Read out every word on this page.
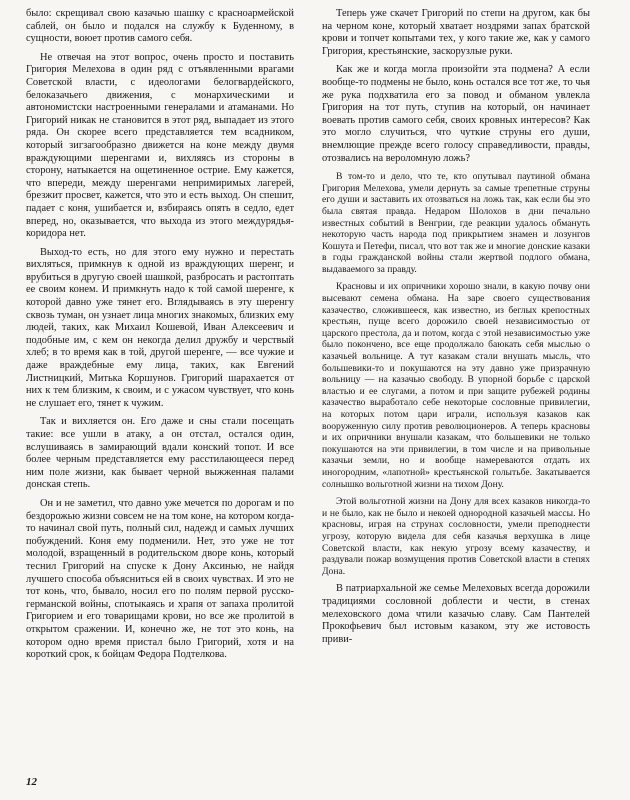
было: скрещивал свою казачью шашку с красноармейской саблей, он было и подался на службу к Буденному, в сущности, воюет против самого себя.

Не отвечая на этот вопрос, очень просто и поставить Григория Мелехова в один ряд с отъявленными врагами Советской власти, с идеологами белогвардейского, белоказачьего движения, с монархическими и автономистски настроенными генералами и атаманами. Но Григорий никак не становится в этот ряд, выпадает из этого ряда. Он скорее всего представляется тем всадником, который зигзагообразно движется на коне между двумя враждующими шеренгами и, вихляясь из стороны в сторону, натыкается на ощетиненное острие. Ему кажется, что впереди, между шеренгами непримиримых лагерей, брезжит просвет, кажется, что это и есть выход. Он спешит, падает с коня, ушибается и, взбираясь опять в седло, едет вперед, но, оказывается, что выхода из этого междурядья-коридора нет.

Выход-то есть, но для этого ему нужно и перестать вихляться, примкнув к одной из враждующих шеренг, и врубиться в другую своей шашкой, разбросать и растоптать ее своим конем. И примкнуть надо к той самой шеренге, к которой давно уже тянет его. Вглядываясь в эту шеренгу сквозь туман, он узнает лица многих знакомых, близких ему людей, таких, как Михаил Кошевой, Иван Алексеевич и подобные им, с кем он некогда делил дружбу и черствый хлеб; в то время как в той, другой шеренге, — все чужие и даже враждебные ему лица, таких, как Евгений Листницкий, Митька Коршунов. Григорий шарахается от них к тем близким, к своим, и с ужасом чувствует, что конь не слушает его, тянет к чужим.

Так и вихляется он. Его даже и сны стали посещать такие: все ушли в атаку, а он отстал, остался один, вслушиваясь в замирающий вдали конский топот. И все более черным представляется ему расстилающееся перед ним поле жизни, как бывает черной выжженная палами донская степь.

Он и не заметил, что давно уже мечется по дорогам и по бездорожью жизни совсем не на том коне, на котором когда-то начинал свой путь, полный сил, надежд и самых лучших побуждений. Коня ему подменили. Нет, это уже не тот молодой, взращенный в родительском дворе конь, который теснил Григорий на спуске к Дону Аксинью, не найдя лучшего способа объясниться ей в своих чувствах. И это не тот конь, что, бывало, носил его по полям первой русско-германской войны, спотыкаясь и храпя от запаха пролитой Григорием и его товарищами крови, но все же пролитой в открытом сражении. И, конечно же, не тот это конь, на котором одно время пристал было Григорий, хотя и на короткий срок, к бойцам Федора Подтелкова.

Теперь уже скачет Григорий по степи на другом, как бы на черном коне, который хватает ноздрями запах братской крови и топчет копытами тех, у кого такие же, как у самого Григория, крестьянские, заскорузлые руки.

Как же и когда могла произойти эта подмена? А если вообще-то подмены не было, конь остался все тот же, то чья же рука подхватила его за повод и обманом увлекла Григория на тот путь, ступив на который, он начинает воевать против самого себя, своих кровных интересов? Как это могло случиться, что чуткие струны его души, внемлющие прежде всего голосу справедливости, правды, отозвались на вероломную ложь?

В том-то и дело, что те, кто опутывал паутиной обмана Григория Мелехова, умели дернуть за самые трепетные струны его души и заставить их отозваться на ложь так, как если бы это была святая правда. Недаром Шолохов в дни печально известных событий в Венгрии, где реакции удалось обмануть некоторую часть народа под прикрытием знамен и лозунгов Кошута и Петефи, писал, что вот так же и многие донские казаки в годы гражданской войны стали жертвой подлого обмана, выдаваемого за правду.

Красновы и их опричники хорошо знали, в какую почву они высевают семена обмана. На заре своего существования казачество, сложившееся, как известно, из беглых крепостных крестьян, пуще всего дорожило своей независимостью от царского престола, да и потом, когда с этой независимостью уже было покончено, все еще продолжало баюкать себя мыслью о казачьей вольнице. А тут казакам стали внушать мысль, что большевики-то и покушаются на эту давно уже призрачную вольницу — на казачью свободу. В упорной борьбе с царской властью и ее слугами, а потом и при защите рубежей родины казачество выработало себе некоторые сословные привилегии, на которых потом цари играли, используя казаков как вооруженную силу против революционеров. А теперь красновы и их опричники внушали казакам, что большевики не только покушаются на эти привилегии, в том числе и на привольные казачьи земли, но и вообще намереваются отдать их иногородним, «лапотной» крестьянской голытьбе. Закатывается солнышко вольготной жизни на тихом Дону.

Этой вольготной жизни на Дону для всех казаков никогда-то и не было, как не было и некоей однородной казачьей массы. Но красновы, играя на струнах сословности, умели преподнести угрозу, которую видела для себя казачья верхушка в лице Советской власти, как некую угрозу всему казачеству, и раздували пожар возмущения против Советской власти в степях Дона.

В патриархальной же семье Мелеховых всегда дорожили традициями сословной доблести и чести, в стенах мелеховского дома чтили казачью славу. Сам Пантелей Прокофьевич был истовым казаком, эту же истовость приви-

12
